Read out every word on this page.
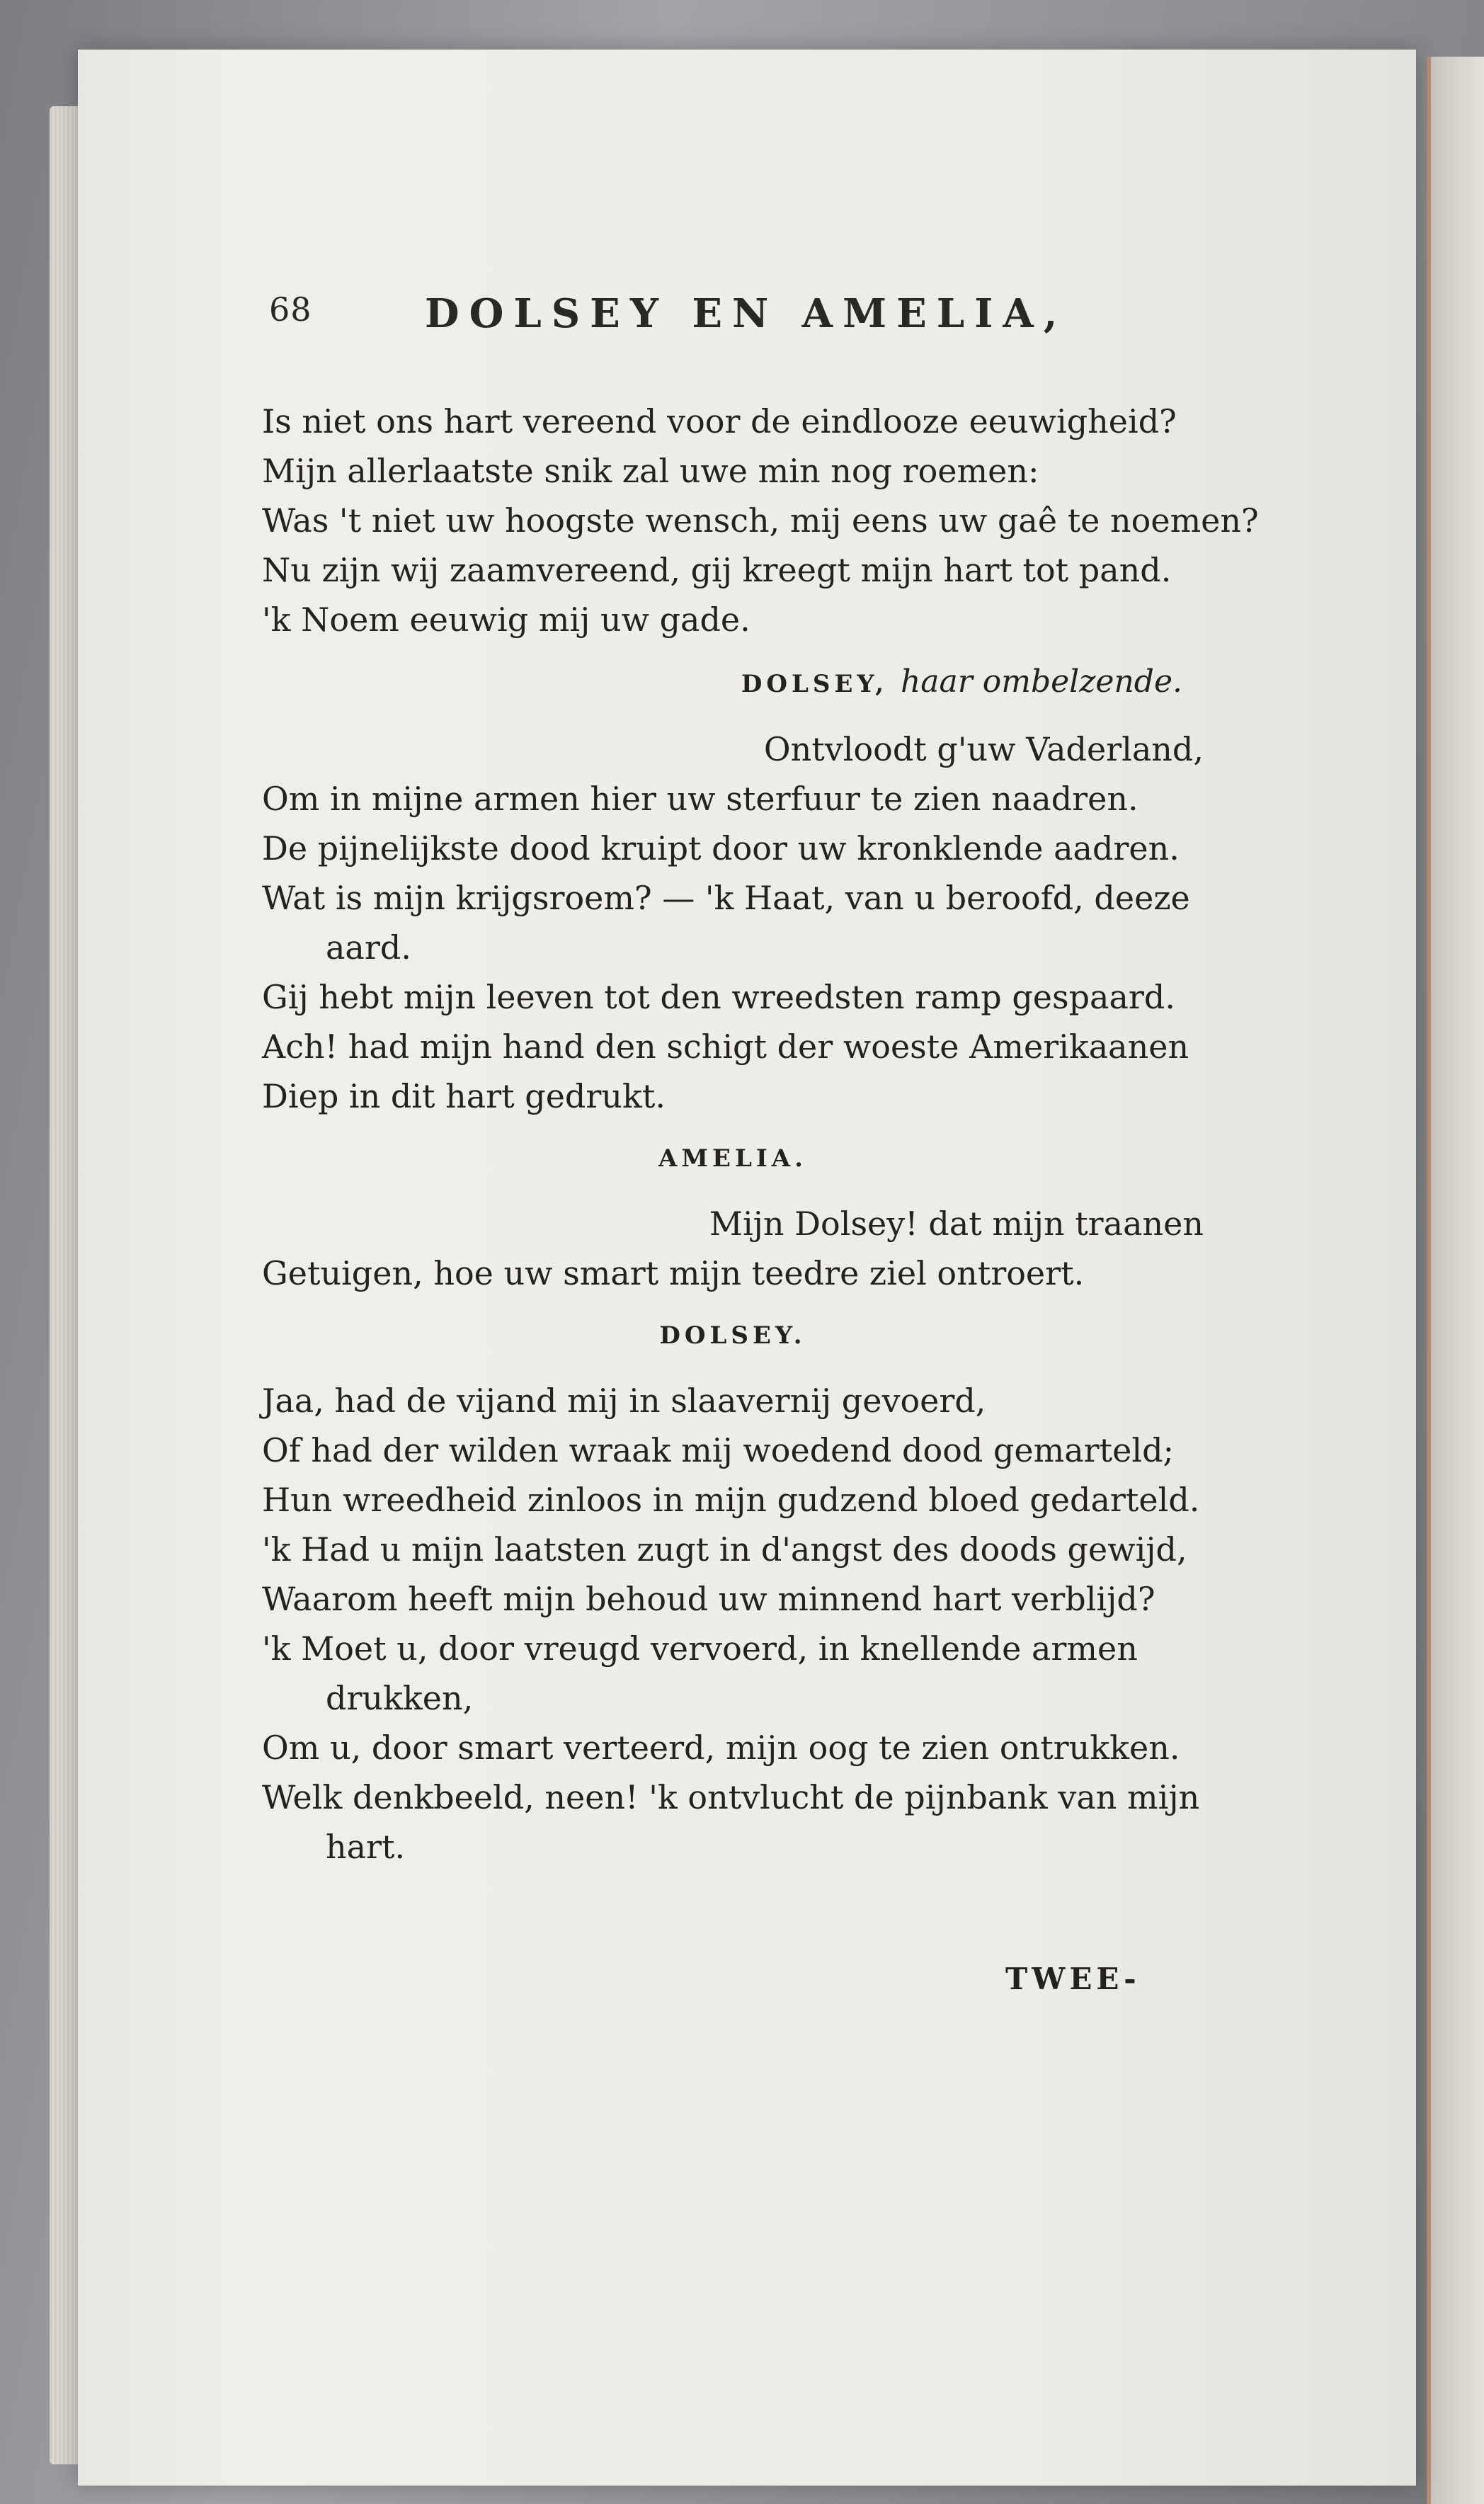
68	DOLSEY EN AMELIA,
Is niet ons hart vereend voor de eindlooze eeuwigheid?
Mijn allerlaatste snik zal uwe min nog roemen:
Was 't niet uw hoogste wensch, mij eens uw gaê te noemen?
Nu zijn wij zaamvereend, gij kreegt mijn hart tot pand.
'k Noem eeuwig mij uw gade.
DOLSEY, haar ombelzende.
Ontvloodt g'uw Vaderland,
Om in mijne armen hier uw sterfuur te zien naadren.
De pijnelijkste dood kruipt door uw kronklende aadren.
Wat is mijn krijgsroem? — 'k Haat, van u beroofd, deeze
aard.
Gij hebt mijn leeven tot den wreedsten ramp gespaard.
Ach! had mijn hand den schigt der woeste Amerikaanen
Diep in dit hart gedrukt.
AMELIA.
Mijn Dolsey! dat mijn traanen
Getuigen, hoe uw smart mijn teedre ziel ontroert.
DOLSEY.
Jaa, had de vijand mij in slaavernij gevoerd,
Of had der wilden wraak mij woedend dood gemarteld;
Hun wreedheid zinloos in mijn gudzend bloed gedarteld.
'k Had u mijn laatsten zugt in d'angst des doods gewijd,
Waarom heeft mijn behoud uw minnend hart verblijd?
'k Moet u, door vreugd vervoerd, in knellende armen
drukken,
Om u, door smart verteerd, mijn oog te zien ontrukken.
Welk denkbeeld, neen! 'k ontvlucht de pijnbank van mijn
hart.
TWEE-
